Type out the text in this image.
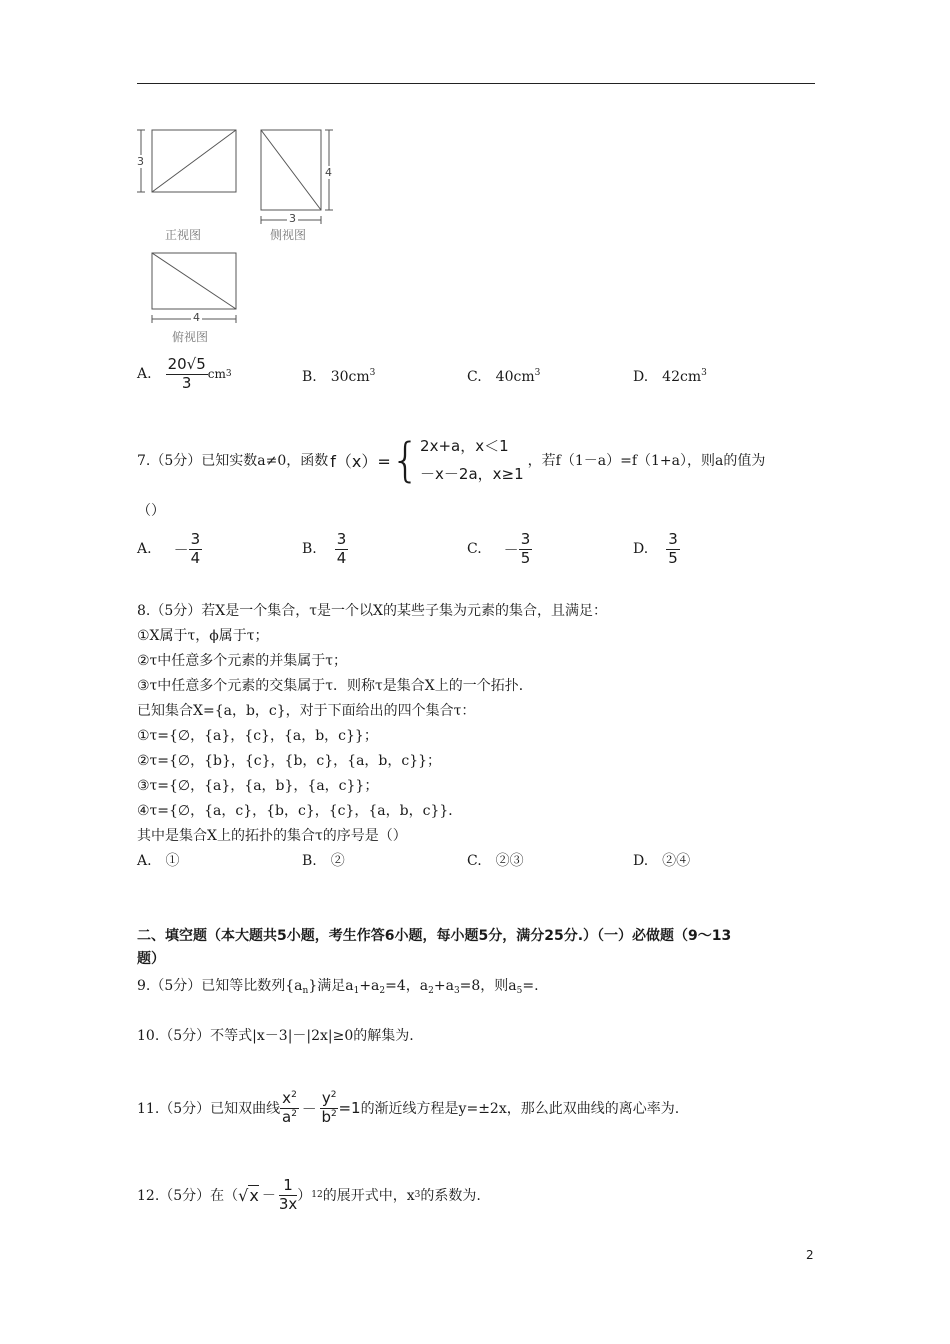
3
4
3
4
正视图	侧视图
俯视图
A. $\frac{20√5}{3}$ cm 3	B.　$30cm^3$	C.　$40cm^3$	D.　$42cm^3$
7.（5分）已知实数a≠0，函数 f（x）= { 2x+a，x＜1
－x－2a，x≥1
，若f（1－a）=f（1+a），则a的值为
（）
A. － $\frac{3}{4}$	B. $\frac{3}{4}$	C. － $\frac{3}{5}$	D. $\frac{3}{5}$
8.（5分）若X是一个集合，τ是一个以X的某些子集为元素的集合，且满足：
①X属于τ，ϕ属于τ；
②τ中任意多个元素的并集属于τ；
③τ中任意多个元素的交集属于τ．则称τ是集合X上的一个拓扑．
已知集合X={a，b，c}，对于下面给出的四个集合τ：
①τ={∅，{a}，{c}，{a，b，c}}；
②τ={∅，{b}，{c}，{b，c}，{a，b，c}}；
③τ={∅，{a}，{a，b}，{a，c}}；
④τ={∅，{a，c}，{b，c}，{c}，{a，b，c}}．
其中是集合X上的拓扑的集合τ的序号是（）
A.　①	B.　②	C.　②③	D.　②④
二、填空题（本大题共5小题，考生作答6小题，每小题5分，满分25分.）（一）必做题（9～13
题）
9.（5分）已知等比数列$\{a_n\}$满足$a_1+a_2=4$，$a_2+a_3=8$，则$a_5=$.
10.（5分）不等式|x－3|－|2x|≥0的解集为.
11.（5分）已知双曲线 $\frac{x^2}{a^2} - \frac{y^2}{b^2} =1$ 的渐近线方程是y=±2x，那么此双曲线的离心率为.
12.（5分）在（ $√x - \frac{1}{3x}$ ） 12 的展开式中，x 3 的系数为.
2
